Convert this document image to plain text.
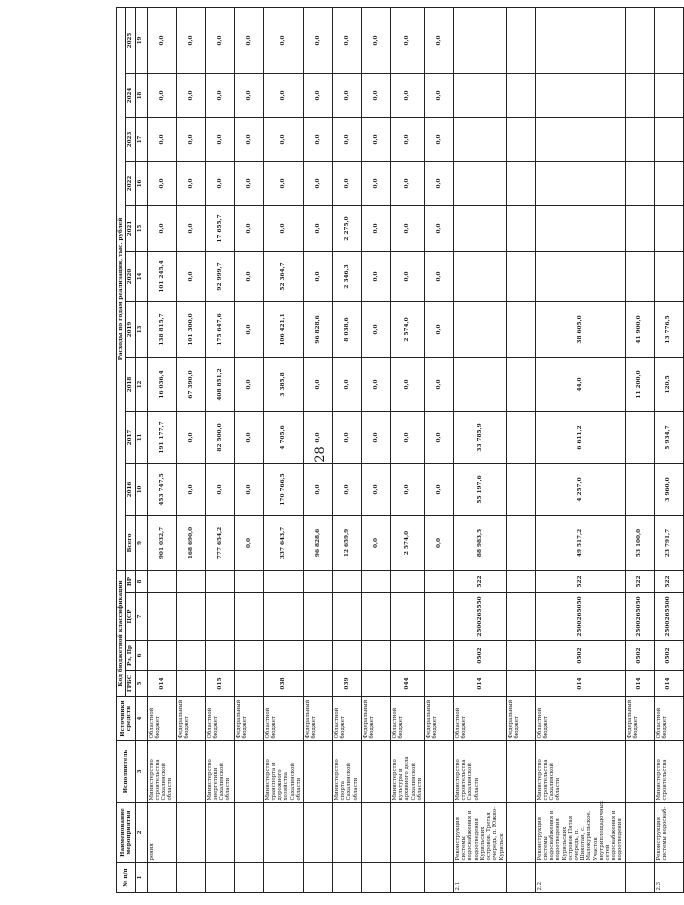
28
№ п/п	Наименование мероприятия	Исполнитель	Источники средств	Код бюджетной классификации				Расходы по годам реализации, тыс. рублей										
				ГРБС	Рз, Пр	ЦСР	ВР	Всего	2016	2017	2018	2019	2020	2021	2022	2023	2024	2025
1	2	3	4	5	6	7	8	9	10	11	12	13	14	15	16	17	18	19
	рения	Министерство строительства Сахалинской области	Областной бюджет	014				901 032,7	453 747,5	191 177,7	16 036,4	138 815,7	101 245,4	0,0	0,0	0,0	0,0	0,0
			Федеральный бюджет					168 690,0	0,0	0,0	67 390,0	101 300,0	0,0	0,0	0,0	0,0	0,0	0,0
		Министерство энергетики Сахалинской области	Областной бюджет	015				777 654,2	0,0	82 500,0	408 851,2	175 647,6	92 999,7	17 655,7	0,0	0,0	0,0	0,0
			Федеральный бюджет					0,0	0,0	0,0	0,0	0,0	0,0	0,0	0,0	0,0	0,0	0,0
		Министерство транспорта и дорожного хозяйства Сахалинской области	Областной бюджет	038				337 643,7	170 766,5	4 705,6	3 385,8	106 421,1	52 364,7	0,0	0,0	0,0	0,0	0,0
			Федеральный бюджет					96 828,6	0,0	0,0	0,0	96 828,6	0,0	0,0	0,0	0,0	0,0	0,0
		Министерство спорта Сахалинской области	Областной бюджет	039				12 659,9	0,0	0,0	0,0	8 038,6	2 346,3	2 275,0	0,0	0,0	0,0	0,0
			Федеральный бюджет					0,0	0,0	0,0	0,0	0,0	0,0	0,0	0,0	0,0	0,0	0,0
		Министерство культуры и архивного дела Сахалинской области	Областной бюджет	044				2 574,0	0,0	0,0	0,0	2 574,0	0,0	0,0	0,0	0,0	0,0	0,0
			Федеральный бюджет					0,0	0,0	0,0	0,0	0,0	0,0	0,0	0,0	0,0	0,0	0,0
2.1	Реконструкция системы водоснабжения и водоотведения Курильских островов. Третья очередь, п. Южно-Курильск	Министерство строительства Сахалинской области	Областной бюджет	014	0502	2500265550	522	88 983,5	55 197,6	33 785,9								
			Федеральный бюджет															
2.2	Реконструкция системы водоснабжения и водоотведения Курильских островов Пятая очередь, п. Шикотан, с. Малокурильское. Участок внутриплощадочных сетей водоснабжения и водоотведения	Министерство строительства Сахалинской области	Областной бюджет	014	0502	2500265050	522	49 517,2	4 257,0	6 611,2	44,0	38 605,0						
			Федеральный бюджет	014	0502	2500265050	522	53 100,0			11 200,0	41 900,0						
2.3	Реконструкция системы водоснаб-	Министерство строительства	Областной бюджет	014	0502	2500265500	522	23 791,7	3 960,0	5 934,7	120,5	13 776,5						
